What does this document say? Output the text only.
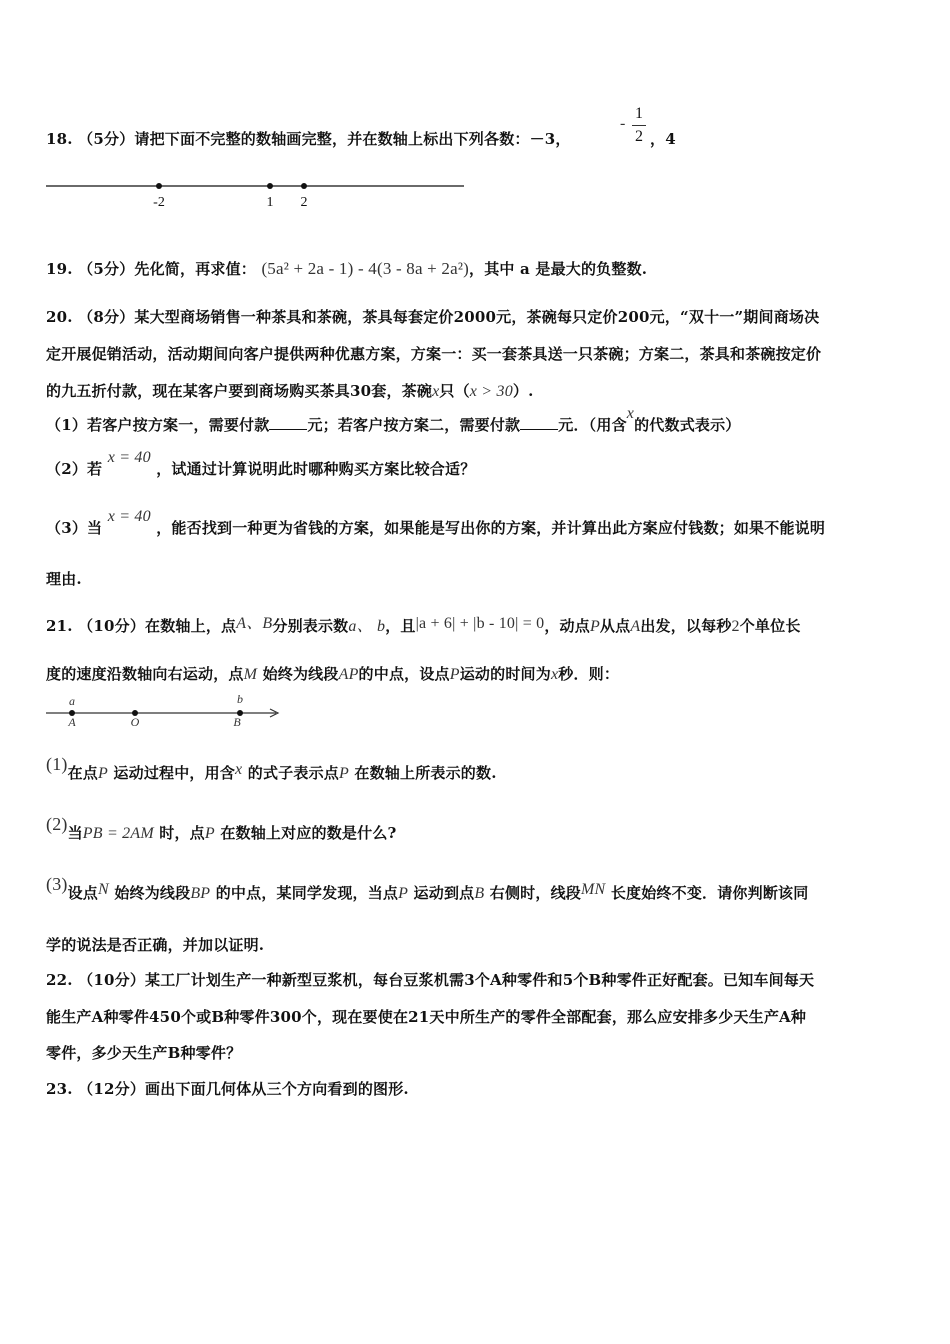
18. （5分）请把下面不完整的数轴画完整，并在数轴上标出下列各数：－3，
- $\frac{1}{2}$ ，4
-2	1 2
19. （5分）先化简，再求值： (5a² + 2a - 1) - 4(3 - 8a + 2a²)，其中 a 是最大的负整数.
20. （8分）某大型商场销售一种茶具和茶碗，茶具每套定价2000元，茶碗每只定价200元，“双十一”期间商场决
定开展促销活动，活动期间向客户提供两种优惠方案，方案一：买一套茶具送一只茶碗；方案二，茶具和茶碗按定价
的九五折付款，现在某客户要到商场购买茶具30套，茶碗x只（x > 30）.
（1）若客户按方案一，需要付款	元；若客户按方案二，需要付款	元．（用含x的代数式表示）
（2）若 x = 40 ，试通过计算说明此时哪种购买方案比较合适？
（3）当 x = 40 ，能否找到一种更为省钱的方案，如果能是写出你的方案，并计算出此方案应付钱数；如果不能说明
理由.
21. （10分）在数轴上，点A、B分别表示数a、 b，且|a + 6| + |b - 10| = 0，动点P从点A出发，以每秒2个单位长
度的速度沿数轴向右运动，点M 始终为线段AP的中点，设点P运动的时间为x秒．则：
a	b
A	O	B
(1)在点P 运动过程中，用含x 的式子表示点P 在数轴上所表示的数.
(2)当PB = 2AM 时，点P 在数轴上对应的数是什么?
(3)设点N 始终为线段BP 的中点，某同学发现，当点P 运动到点B 右侧时，线段MN 长度始终不变．请你判断该同
学的说法是否正确，并加以证明.
22. （10分）某工厂计划生产一种新型豆浆机，每台豆浆机需3个A种零件和5个B种零件正好配套。已知车间每天
能生产A种零件450个或B种零件300个，现在要使在21天中所生产的零件全部配套，那么应安排多少天生产A种
零件，多少天生产B种零件？
23. （12分）画出下面几何体从三个方向看到的图形.
